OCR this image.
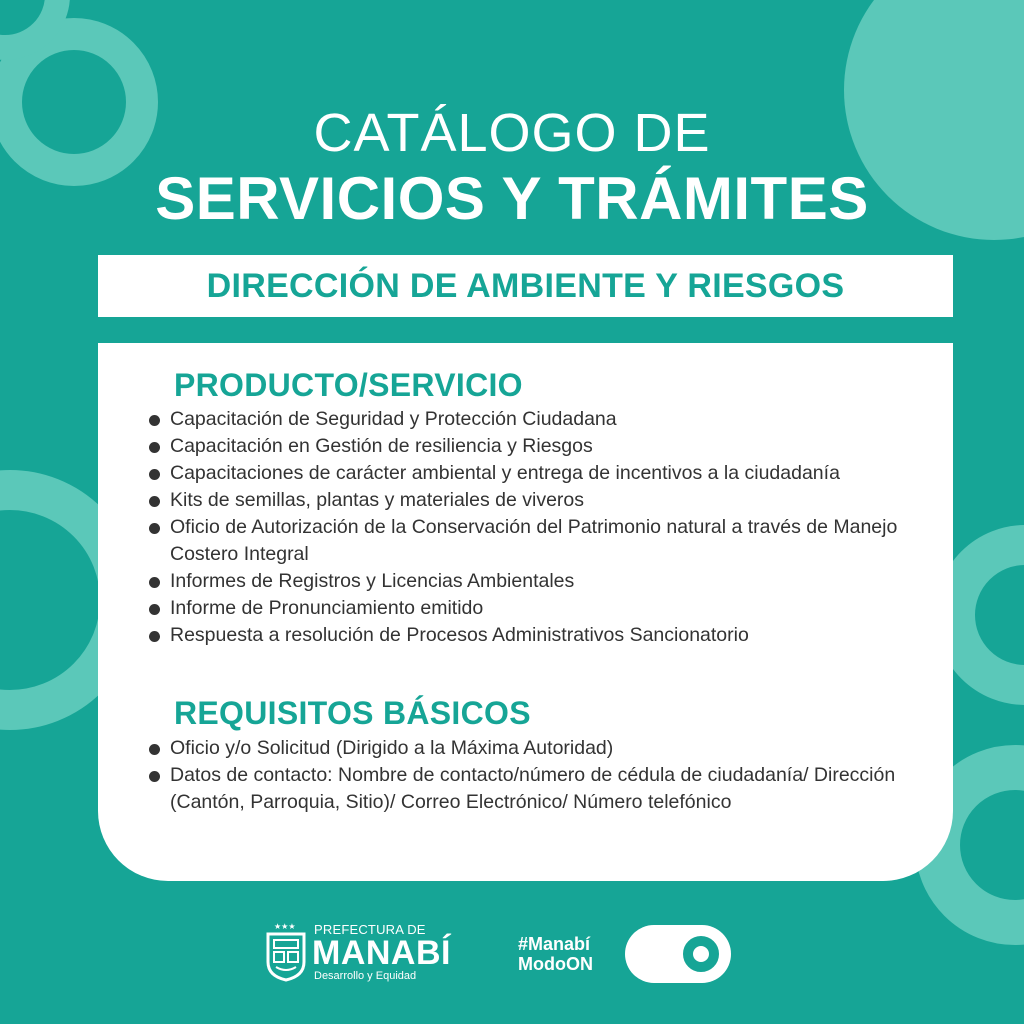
CATÁLOGO DE
SERVICIOS Y TRÁMITES
DIRECCIÓN DE AMBIENTE Y RIESGOS
PRODUCTO/SERVICIO
Capacitación de Seguridad y Protección Ciudadana
Capacitación en Gestión de resiliencia y Riesgos
Capacitaciones de carácter ambiental y entrega de incentivos a la ciudadanía
Kits de semillas, plantas y materiales de viveros
Oficio de Autorización de la Conservación del Patrimonio natural a través de Manejo Costero Integral
Informes de Registros y Licencias Ambientales
Informe de Pronunciamiento emitido
Respuesta a resolución de Procesos Administrativos Sancionatorio
REQUISITOS BÁSICOS
Oficio y/o Solicitud (Dirigido a la Máxima Autoridad)
Datos de contacto: Nombre de contacto/número de cédula de ciudadanía/ Dirección (Cantón, Parroquia, Sitio)/ Correo Electrónico/ Número telefónico
★★★ PREFECTURA DE
MANABÍ
Desarrollo y Equidad
#Manabí
ModoON
